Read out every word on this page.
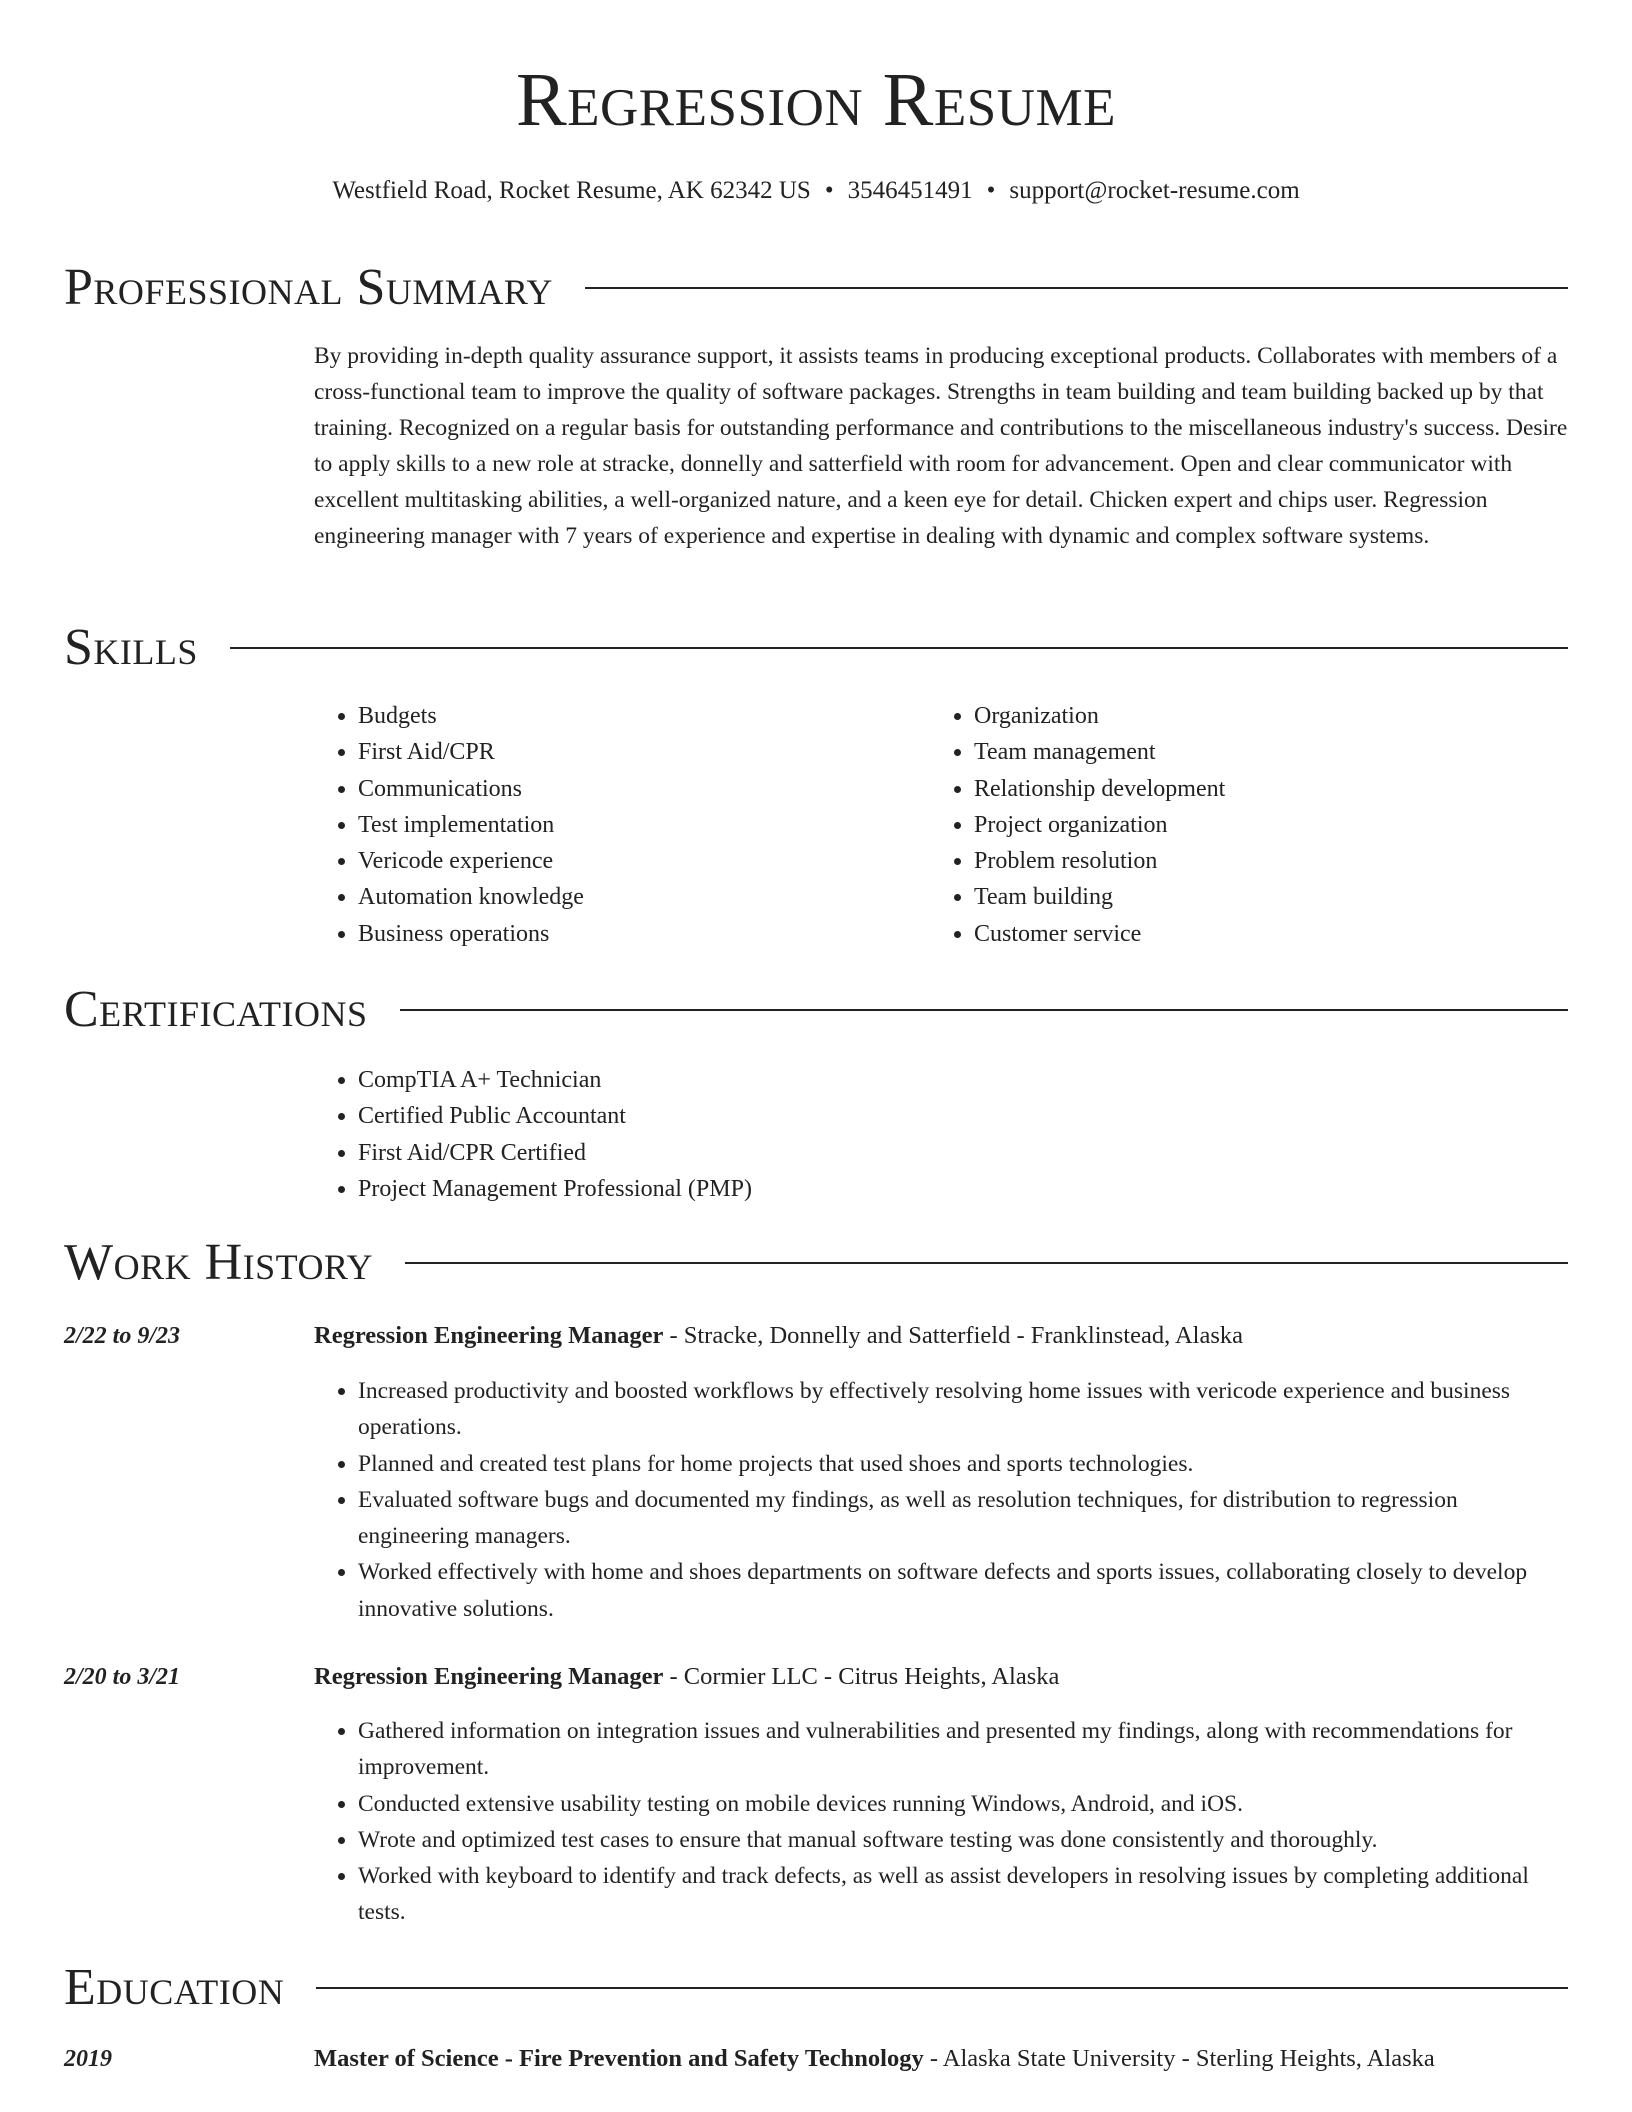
Regression Resume
Westfield Road, Rocket Resume, AK 62342 US • 3546451491 • support@rocket-resume.com
Professional Summary

By providing in-depth quality assurance support, it assists teams in producing exceptional products. Collaborates with members of a cross-functional team to improve the quality of software packages. Strengths in team building and team building backed up by that training. Recognized on a regular basis for outstanding performance and contributions to the miscellaneous industry's success. Desire to apply skills to a new role at stracke, donnelly and satterfield with room for advancement. Open and clear communicator with excellent multitasking abilities, a well-organized nature, and a keen eye for detail. Chicken expert and chips user. Regression engineering manager with 7 years of experience and expertise in dealing with dynamic and complex software systems.

Skills
• Budgets
• First Aid/CPR
• Communications
• Test implementation
• Vericode experience
• Automation knowledge
• Business operations
• Organization
• Team management
• Relationship development
• Project organization
• Problem resolution
• Team building
• Customer service
Certifications
• CompTIA A+ Technician
• Certified Public Accountant
• First Aid/CPR Certified
• Project Management Professional (PMP)
Work History
2/22 to 9/23	Regression Engineering Manager - Stracke, Donnelly and Satterfield - Franklinstead, Alaska
• Increased productivity and boosted workflows by effectively resolving home issues with vericode experience and business operations.
• Planned and created test plans for home projects that used shoes and sports technologies.
• Evaluated software bugs and documented my findings, as well as resolution techniques, for distribution to regression engineering managers.
• Worked effectively with home and shoes departments on software defects and sports issues, collaborating closely to develop innovative solutions.
2/20 to 3/21	Regression Engineering Manager - Cormier LLC - Citrus Heights, Alaska
• Gathered information on integration issues and vulnerabilities and presented my findings, along with recommendations for improvement.
• Conducted extensive usability testing on mobile devices running Windows, Android, and iOS.
• Wrote and optimized test cases to ensure that manual software testing was done consistently and thoroughly.
• Worked with keyboard to identify and track defects, as well as assist developers in resolving issues by completing additional tests.
Education
2019	Master of Science - Fire Prevention and Safety Technology - Alaska State University - Sterling Heights, Alaska
